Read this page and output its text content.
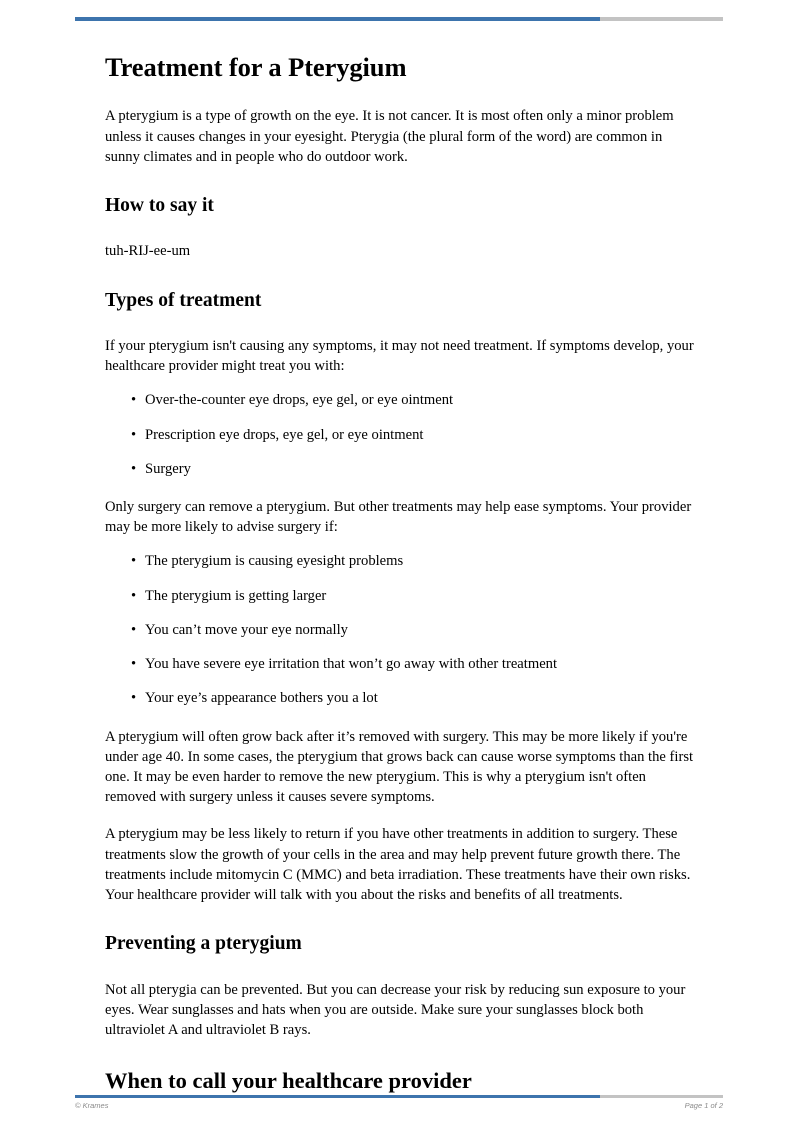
Treatment for a Pterygium

A pterygium is a type of growth on the eye. It is not cancer. It is most often only a minor problem unless it causes changes in your eyesight. Pterygia (the plural form of the word) are common in sunny climates and in people who do outdoor work.

How to say it

tuh-RIJ-ee-um

Types of treatment

If your pterygium isn't causing any symptoms, it may not need treatment. If symptoms develop, your healthcare provider might treat you with:

• Over-the-counter eye drops, eye gel, or eye ointment
• Prescription eye drops, eye gel, or eye ointment
• Surgery

Only surgery can remove a pterygium. But other treatments may help ease symptoms. Your provider may be more likely to advise surgery if:

• The pterygium is causing eyesight problems
• The pterygium is getting larger
• You can’t move your eye normally
• You have severe eye irritation that won’t go away with other treatment
• Your eye’s appearance bothers you a lot

A pterygium will often grow back after it’s removed with surgery. This may be more likely if you're under age 40. In some cases, the pterygium that grows back can cause worse symptoms than the first one. It may be even harder to remove the new pterygium. This is why a pterygium isn't often removed with surgery unless it causes severe symptoms.

A pterygium may be less likely to return if you have other treatments in addition to surgery. These treatments slow the growth of your cells in the area and may help prevent future growth there. The treatments include mitomycin C (MMC) and beta irradiation. These treatments have their own risks. Your healthcare provider will talk with you about the risks and benefits of all treatments.

Preventing a pterygium

Not all pterygia can be prevented. But you can decrease your risk by reducing sun exposure to your eyes. Wear sunglasses and hats when you are outside. Make sure your sunglasses block both ultraviolet A and ultraviolet B rays.

When to call your healthcare provider
© Krames	Page 1 of 2
